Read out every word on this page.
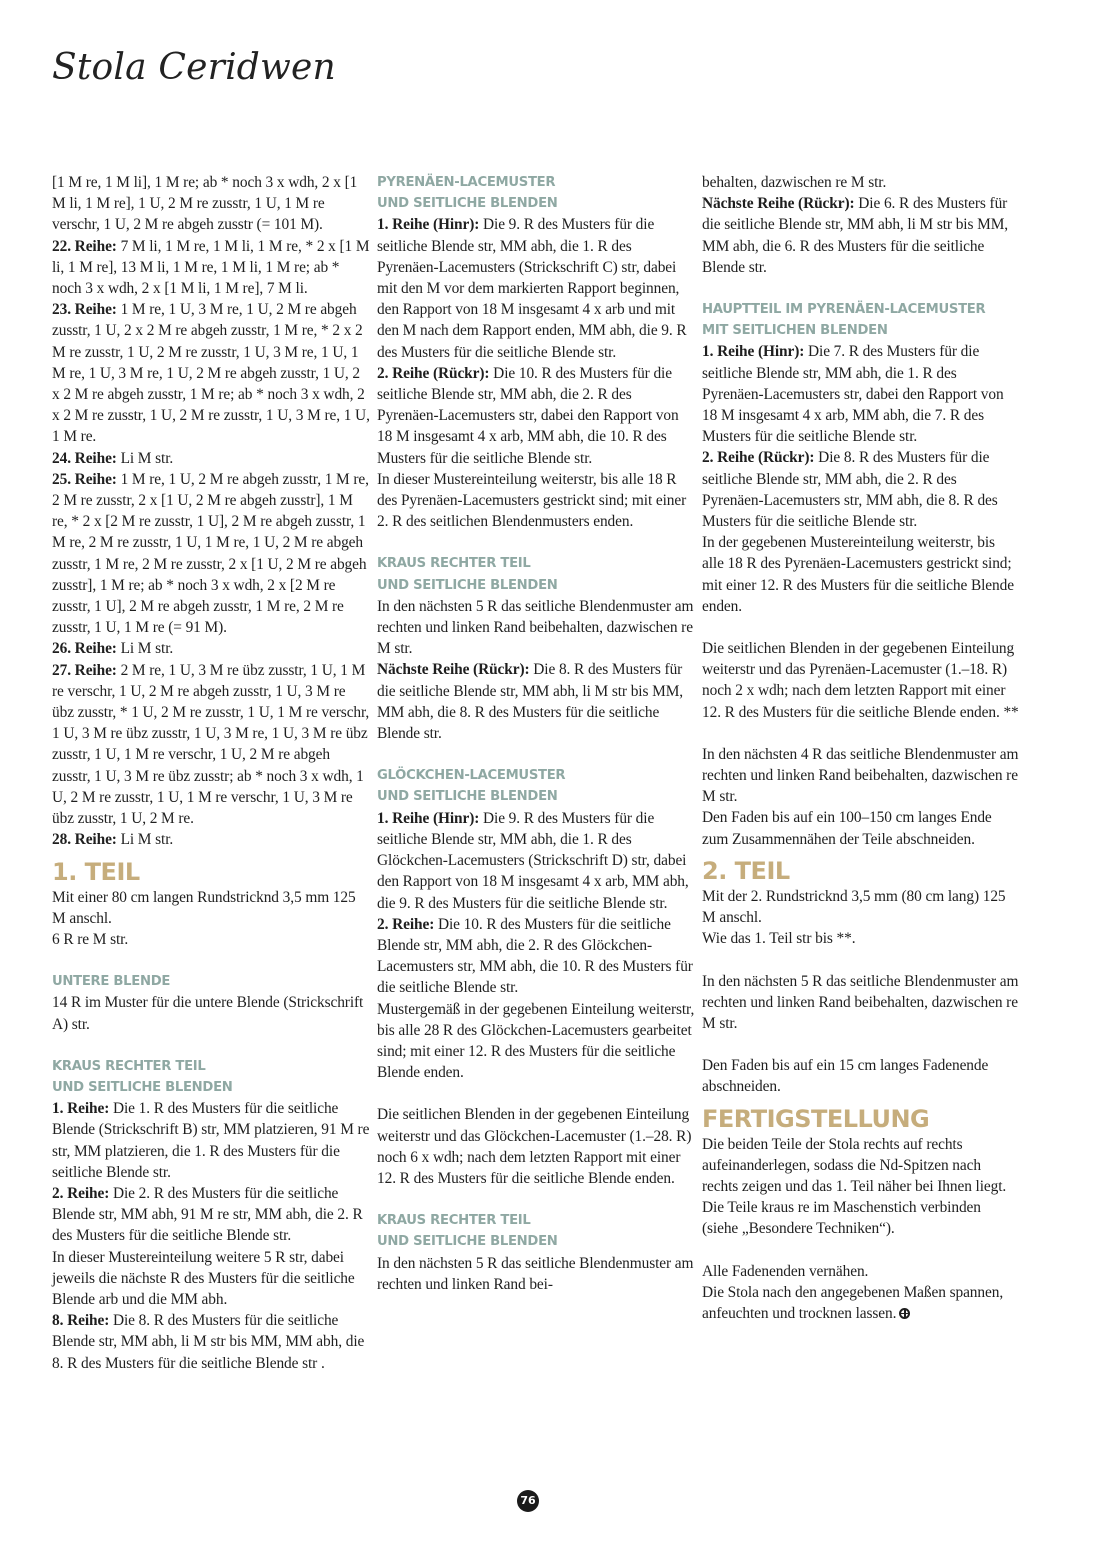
Stola Ceridwen

[1 M re, 1 M li], 1 M re; ab * noch 3 x wdh, 2 x [1 M li, 1 M re], 1 U, 2 M re zusstr, 1 U, 1 M re verschr, 1 U, 2 M re abgeh zusstr (= 101 M).

22. Reihe: 7 M li, 1 M re, 1 M li, 1 M re, * 2 x [1 M li, 1 M re], 13 M li, 1 M re, 1 M li, 1 M re; ab * noch 3 x wdh, 2 x [1 M li, 1 M re], 7 M li.

23. Reihe: 1 M re, 1 U, 3 M re, 1 U, 2 M re abgeh zusstr, 1 U, 2 x 2 M re abgeh zusstr, 1 M re, * 2 x 2 M re zusstr, 1 U, 2 M re zusstr, 1 U, 3 M re, 1 U, 1 M re, 1 U, 3 M re, 1 U, 2 M re abgeh zusstr, 1 U, 2 x 2 M re abgeh zusstr, 1 M re; ab * noch 3 x wdh, 2 x 2 M re zusstr, 1 U, 2 M re zusstr, 1 U, 3 M re, 1 U, 1 M re.

24. Reihe: Li M str.

25. Reihe: 1 M re, 1 U, 2 M re abgeh zusstr, 1 M re, 2 M re zusstr, 2 x [1 U, 2 M re abgeh zusstr], 1 M re, * 2 x [2 M re zusstr, 1 U], 2 M re abgeh zusstr, 1 M re, 2 M re zusstr, 1 U, 1 M re, 1 U, 2 M re abgeh zusstr, 1 M re, 2 M re zusstr, 2 x [1 U, 2 M re abgeh zusstr], 1 M re; ab * noch 3 x wdh, 2 x [2 M re zusstr, 1 U], 2 M re abgeh zusstr, 1 M re, 2 M re zusstr, 1 U, 1 M re (= 91 M).

26. Reihe: Li M str.

27. Reihe: 2 M re, 1 U, 3 M re übz zusstr, 1 U, 1 M re verschr, 1 U, 2 M re abgeh zusstr, 1 U, 3 M re übz zusstr, * 1 U, 2 M re zusstr, 1 U, 1 M re verschr, 1 U, 3 M re übz zusstr, 1 U, 3 M re, 1 U, 3 M re übz zusstr, 1 U, 1 M re verschr, 1 U, 2 M re abgeh zusstr, 1 U, 3 M re übz zusstr; ab * noch 3 x wdh, 1 U, 2 M re zusstr, 1 U, 1 M re verschr, 1 U, 3 M re übz zusstr, 1 U, 2 M re.

28. Reihe: Li M str.

1. TEIL

Mit einer 80 cm langen Rundstricknd 3,5 mm 125 M anschl.

6 R re M str.

UNTERE BLENDE

14 R im Muster für die untere Blende (Strickschrift A) str.

KRAUS RECHTER TEIL

UND SEITLICHE BLENDEN

1. Reihe: Die 1. R des Musters für die seitliche Blende (Strickschrift B) str, MM platzieren, 91 M re str, MM platzieren, die 1. R des Musters für die seitliche Blende str.

2. Reihe: Die 2. R des Musters für die seitliche Blende str, MM abh, 91 M re str, MM abh, die 2. R des Musters für die seitliche Blende str.

In dieser Mustereinteilung weitere 5 R str, dabei jeweils die nächste R des Musters für die seitliche Blende arb und die MM abh.

8. Reihe: Die 8. R des Musters für die seitliche Blende str, MM abh, li M str bis MM, MM abh, die 8. R des Musters für die seitliche Blende str .

PYRENÄEN-LACEMUSTER

UND SEITLICHE BLENDEN

1. Reihe (Hinr): Die 9. R des Musters für die seitliche Blende str, MM abh, die 1. R des Pyrenäen-Lacemusters (Strickschrift C) str, dabei mit den M vor dem markierten Rapport beginnen, den Rapport von 18 M insgesamt 4 x arb und mit den M nach dem Rapport enden, MM abh, die 9. R des Musters für die seitliche Blende str.

2. Reihe (Rückr): Die 10. R des Musters für die seitliche Blende str, MM abh, die 2. R des Pyrenäen-Lacemusters str, dabei den Rapport von 18 M insgesamt 4 x arb, MM abh, die 10. R des Musters für die seitliche Blende str.

In dieser Mustereinteilung weiterstr, bis alle 18 R des Pyrenäen-Lacemusters gestrickt sind; mit einer 2. R des seitlichen Blendenmusters enden.

KRAUS RECHTER TEIL

UND SEITLICHE BLENDEN

In den nächsten 5 R das seitliche Blendenmuster am rechten und linken Rand beibehalten, dazwischen re M str.

Nächste Reihe (Rückr): Die 8. R des Musters für die seitliche Blende str, MM abh, li M str bis MM, MM abh, die 8. R des Musters für die seitliche Blende str.

GLÖCKCHEN-LACEMUSTER

UND SEITLICHE BLENDEN

1. Reihe (Hinr): Die 9. R des Musters für die seitliche Blende str, MM abh, die 1. R des Glöckchen-Lacemusters (Strickschrift D) str, dabei den Rapport von 18 M insgesamt 4 x arb, MM abh, die 9. R des Musters für die seitliche Blende str.

2. Reihe: Die 10. R des Musters für die seitliche Blende str, MM abh, die 2. R des Glöckchen-Lacemusters str, MM abh, die 10. R des Musters für die seitliche Blende str.

Mustergemäß in der gegebenen Einteilung weiterstr, bis alle 28 R des Glöckchen-Lacemusters gearbeitet sind; mit einer 12. R des Musters für die seitliche Blende enden.

Die seitlichen Blenden in der gegebenen Einteilung weiterstr und das Glöckchen-Lacemuster (1.–28. R) noch 6 x wdh; nach dem letzten Rapport mit einer 12. R des Musters für die seitliche Blende enden.

KRAUS RECHTER TEIL

UND SEITLICHE BLENDEN

In den nächsten 5 R das seitliche Blendenmuster am rechten und linken Rand bei-

behalten, dazwischen re M str.

Nächste Reihe (Rückr): Die 6. R des Musters für die seitliche Blende str, MM abh, li M str bis MM, MM abh, die 6. R des Musters für die seitliche Blende str.

HAUPTTEIL IM PYRENÄEN-LACEMUSTER

MIT SEITLICHEN BLENDEN

1. Reihe (Hinr): Die 7. R des Musters für die seitliche Blende str, MM abh, die 1. R des Pyrenäen-Lacemusters str, dabei den Rapport von 18 M insgesamt 4 x arb, MM abh, die 7. R des Musters für die seitliche Blende str.

2. Reihe (Rückr): Die 8. R des Musters für die seitliche Blende str, MM abh, die 2. R des Pyrenäen-Lacemusters str, MM abh, die 8. R des Musters für die seitliche Blende str.

In der gegebenen Mustereinteilung weiterstr, bis alle 18 R des Pyrenäen-Lacemusters gestrickt sind; mit einer 12. R des Musters für die seitliche Blende enden.

Die seitlichen Blenden in der gegebenen Einteilung weiterstr und das Pyrenäen-Lacemuster (1.–18. R) noch 2 x wdh; nach dem letzten Rapport mit einer 12. R des Musters für die seitliche Blende enden. **

In den nächsten 4 R das seitliche Blendenmuster am rechten und linken Rand beibehalten, dazwischen re M str.

Den Faden bis auf ein 100–150 cm langes Ende zum Zusammennähen der Teile abschneiden.

2. TEIL

Mit der 2. Rundstricknd 3,5 mm (80 cm lang) 125 M anschl.

Wie das 1. Teil str bis **.

In den nächsten 5 R das seitliche Blendenmuster am rechten und linken Rand beibehalten, dazwischen re M str.

Den Faden bis auf ein 15 cm langes Fadenende abschneiden.

FERTIGSTELLUNG

Die beiden Teile der Stola rechts auf rechts aufeinanderlegen, sodass die Nd-Spitzen nach rechts zeigen und das 1. Teil näher bei Ihnen liegt.

Die Teile kraus re im Maschenstich verbinden (siehe „Besondere Techniken“).

Alle Fadenenden vernähen.

Die Stola nach den angegebenen Maßen spannen, anfeuchten und trocknen lassen.

76
